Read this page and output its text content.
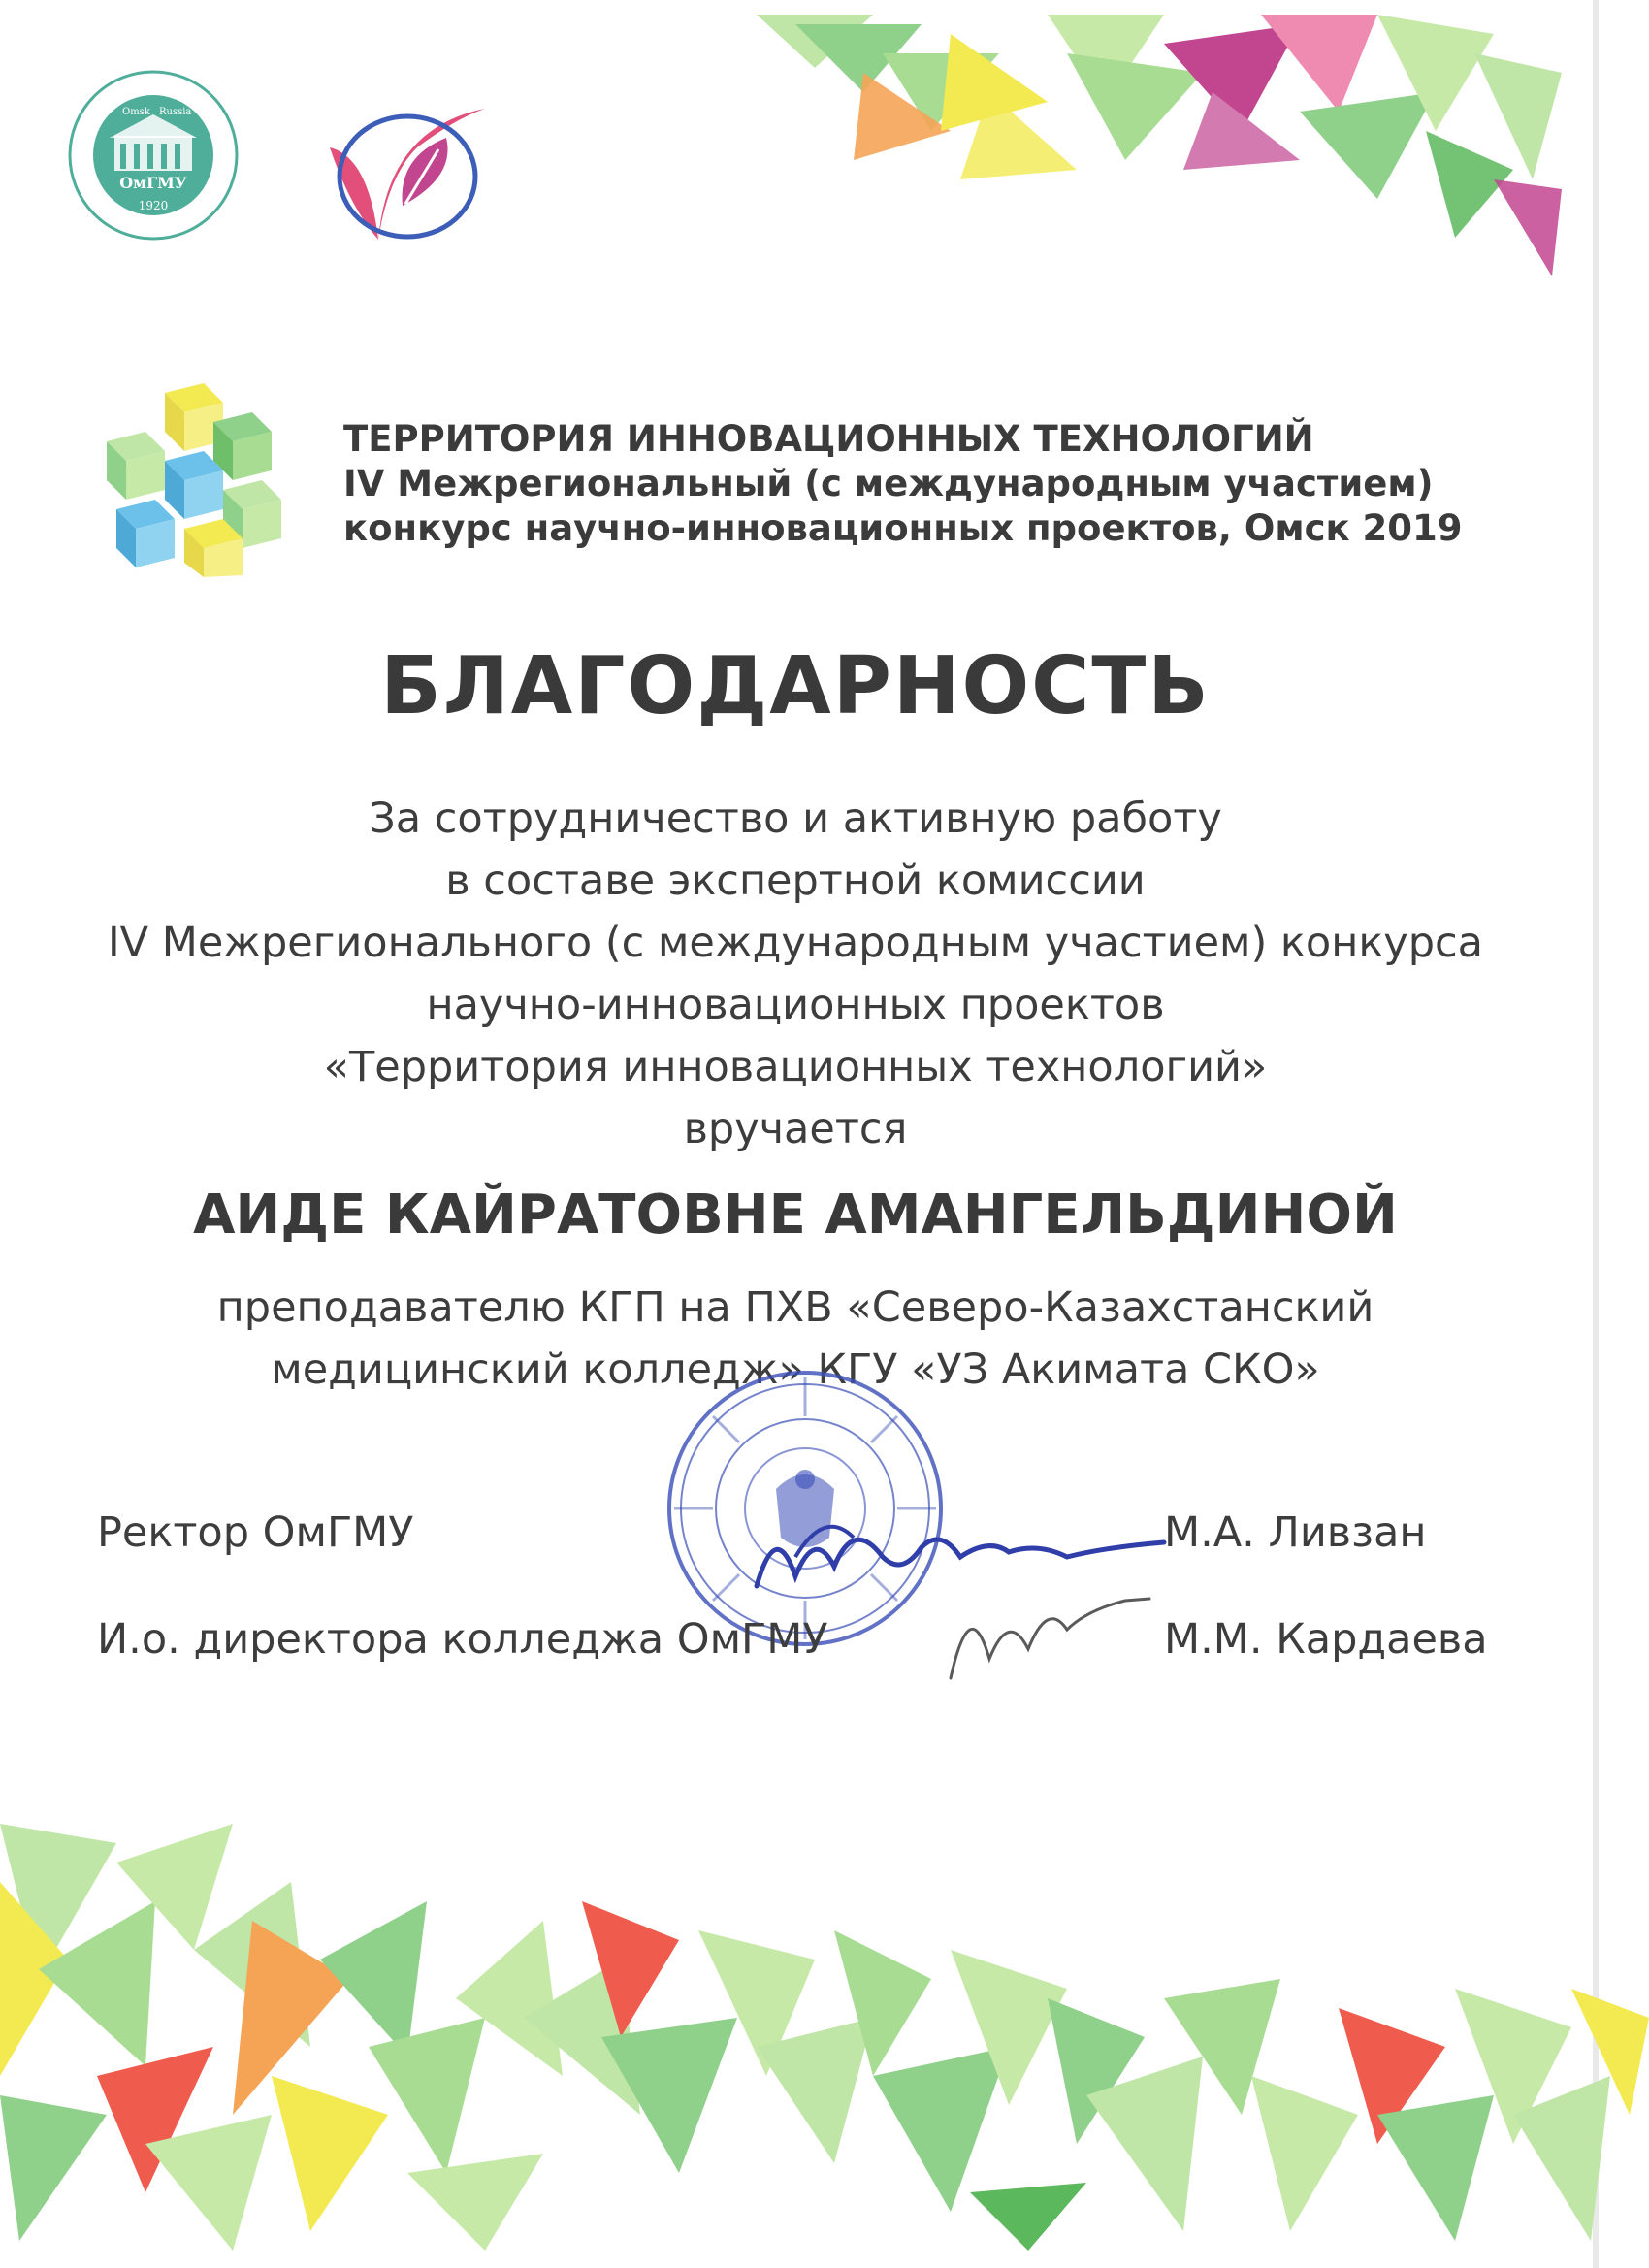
Omsk Russia
ОмГМУ
1920
ТЕРРИТОРИЯ ИННОВАЦИОННЫХ ТЕХНОЛОГИЙ
IV Межрегиональный (с международным участием)
конкурс научно-инновационных проектов, Омск 2019
БЛАГОДАРНОСТЬ
За сотрудничество и активную работу
в составе экспертной комиссии
IV Межрегионального (с международным участием) конкурса
научно-инновационных проектов
«Территория инновационных технологий»
вручается
АИДЕ КАЙРАТОВНЕ АМАНГЕЛЬДИНОЙ
преподавателю КГП на ПХВ «Северо-Казахстанский
медицинский колледж» КГУ «УЗ Акимата СКО»
Ректор ОмГМУ	М.А. Ливзан
И.о. директора колледжа ОмГМУ	М.М. Кардаева
